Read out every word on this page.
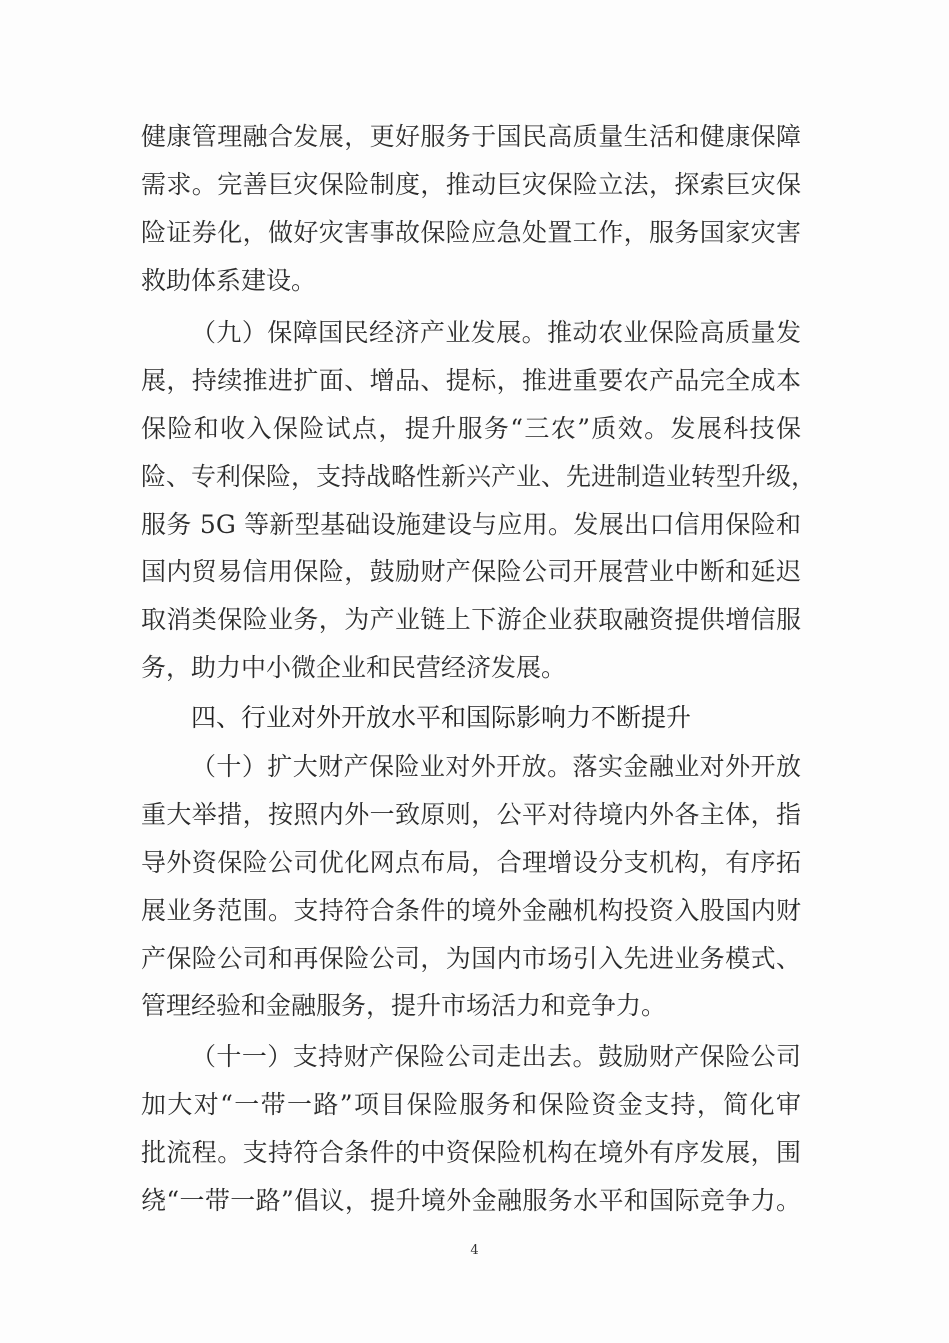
健康管理融合发展，更好服务于国民高质量生活和健康保障
需求。完善巨灾保险制度，推动巨灾保险立法，探索巨灾保
险证券化，做好灾害事故保险应急处置工作，服务国家灾害
救助体系建设。
（九）保障国民经济产业发展。推动农业保险高质量发
展，持续推进扩面、增品、提标，推进重要农产品完全成本
保险和收入保险试点，提升服务“三农”质效。发展科技保
险、专利保险，支持战略性新兴产业、先进制造业转型升级，
服务 5G 等新型基础设施建设与应用。发展出口信用保险和
国内贸易信用保险，鼓励财产保险公司开展营业中断和延迟
取消类保险业务，为产业链上下游企业获取融资提供增信服
务，助力中小微企业和民营经济发展。
四、行业对外开放水平和国际影响力不断提升
（十）扩大财产保险业对外开放。落实金融业对外开放
重大举措，按照内外一致原则，公平对待境内外各主体，指
导外资保险公司优化网点布局，合理增设分支机构，有序拓
展业务范围。支持符合条件的境外金融机构投资入股国内财
产保险公司和再保险公司，为国内市场引入先进业务模式、
管理经验和金融服务，提升市场活力和竞争力。
（十一）支持财产保险公司走出去。鼓励财产保险公司
加大对“一带一路”项目保险服务和保险资金支持，简化审
批流程。支持符合条件的中资保险机构在境外有序发展，围
绕“一带一路”倡议，提升境外金融服务水平和国际竞争力。
4
